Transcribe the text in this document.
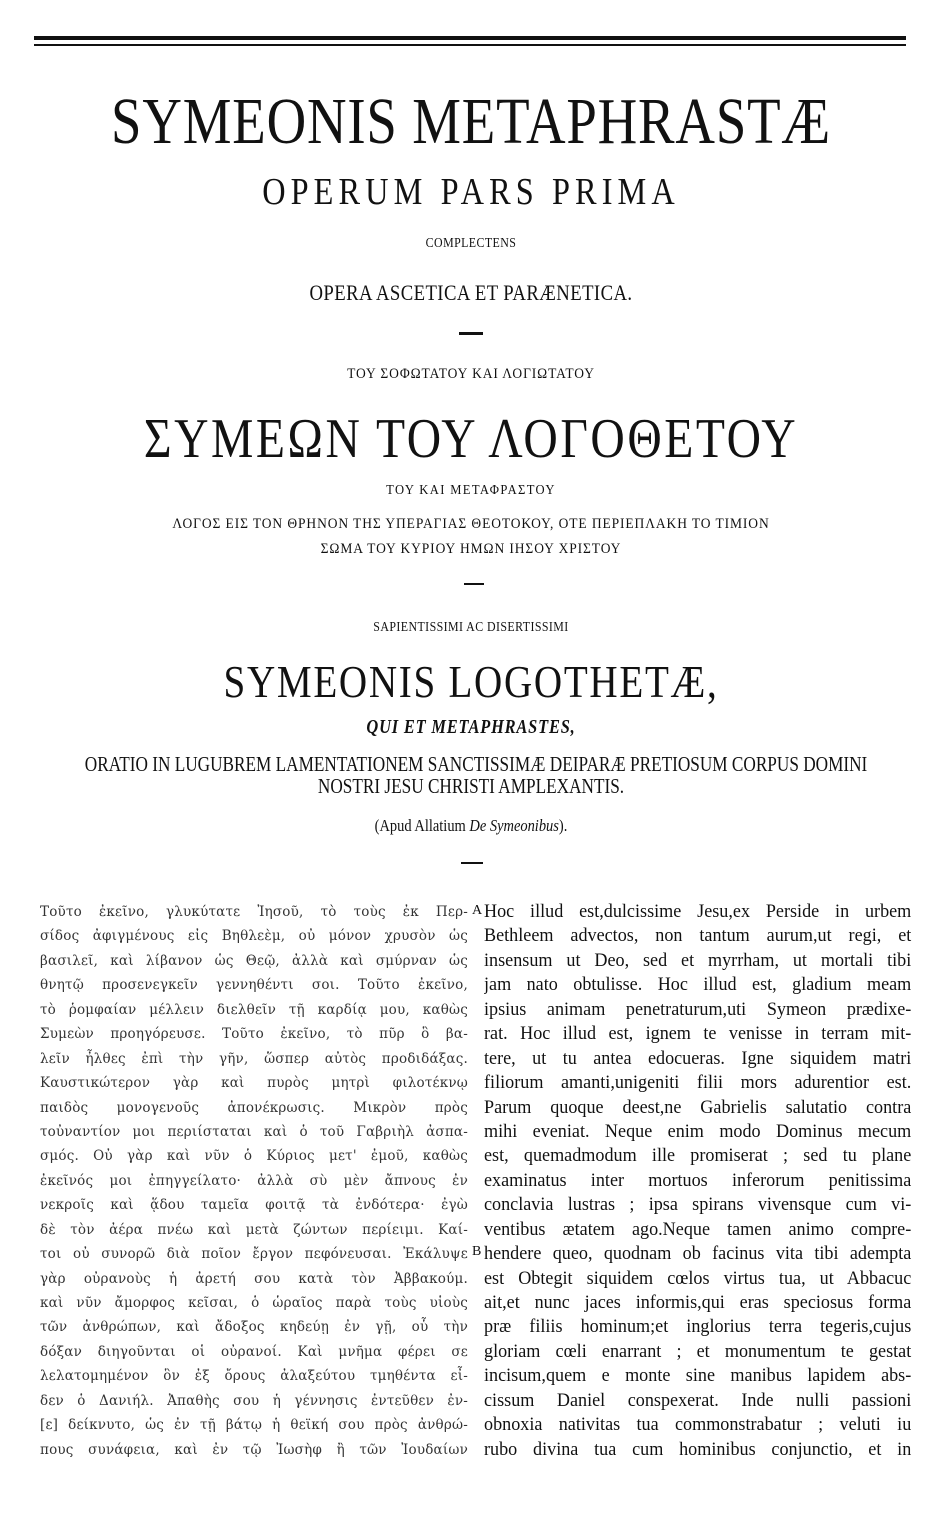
SYMEONIS METAPHRASTÆ
OPERUM PARS PRIMA
COMPLECTENS
OPERA ASCETICA ET PARÆNETICA.
ΤΟΥ ΣΟΦΩΤΑΤΟΥ ΚΑΙ ΛΟΓΙΩΤΑΤΟΥ
ΣΥΜΕΩΝ ΤΟΥ ΛΟΓΟΘΕΤΟΥ
ΤΟΥ ΚΑΙ ΜΕΤΑΦΡΑΣΤΟΥ
ΛΟΓΟΣ ΕΙΣ ΤΟΝ ΘΡΗΝΟΝ ΤΗΣ ΥΠΕΡΑΓΙΑΣ ΘΕΟΤΟΚΟΥ, ΟΤΕ ΠΕΡΙΕΠΛΑΚΗ ΤΟ ΤΙΜΙΟΝ
ΣΩΜΑ ΤΟΥ ΚΥΡΙΟΥ ΗΜΩΝ ΙΗΣΟΥ ΧΡΙΣΤΟΥ
SAPIENTISSIMI AC DISERTISSIMI
SYMEONIS LOGOTHETÆ,
QUI ET METAPHRASTES,
ORATIO IN LUGUBREM LAMENTATIONEM SANCTISSIMÆ DEIPARÆ PRETIOSUM CORPUS DOMINI
NOSTRI JESU CHRISTI AMPLEXANTIS.
(Apud Allatium De Symeonibus).
Τοῦτο ἐκεῖνο, γλυκύτατε Ἰησοῦ, τὸ τοὺς ἐκ Περ-
σίδος ἀφιγμένους εἰς Βηθλεὲμ, οὐ μόνον χρυσὸν ὡς
βασιλεῖ, καὶ λίβανον ὡς Θεῷ, ἀλλὰ καὶ σμύρναν ὡς
θνητῷ προσενεγκεῖν γεννηθέντι σοι. Τοῦτο ἐκεῖνο,
τὸ ῥομφαίαν μέλλειν διελθεῖν τῇ καρδίᾳ μου, καθὼς
Συμεὼν προηγόρευσε. Τοῦτο ἐκεῖνο, τὸ πῦρ ὃ βα-
λεῖν ἦλθες ἐπὶ τὴν γῆν, ὥσπερ αὐτὸς προδιδάξας.
Καυστικώτερον γὰρ καὶ πυρὸς μητρὶ φιλοτέκνῳ
παιδὸς μονογενοῦς ἀπονέκρωσις. Μικρὸν πρὸς
τοὐναντίον μοι περιίσταται καὶ ὁ τοῦ Γαβριὴλ ἀσπα-
σμός. Οὐ γὰρ καὶ νῦν ὁ Κύριος μετ' ἐμοῦ, καθὼς
ἐκεῖνός μοι ἐπηγγείλατο· ἀλλὰ σὺ μὲν ἄπνους ἐν
νεκροῖς καὶ ᾅδου ταμεῖα φοιτᾷ τὰ ἐνδότερα· ἐγὼ
δὲ τὸν ἀέρα πνέω καὶ μετὰ ζώντων περίειμι. Καί-
τοι οὐ συνορῶ διὰ ποῖον ἔργον πεφόνευσαι. Ἐκάλυψε
γὰρ οὐρανοὺς ἡ ἀρετή σου κατὰ τὸν Ἀββακούμ.
καὶ νῦν ἄμορφος κεῖσαι, ὁ ὡραῖος παρὰ τοὺς υἱοὺς
τῶν ἀνθρώπων, καὶ ἄδοξος κηδεύῃ ἐν γῇ, οὗ τὴν
δόξαν διηγοῦνται οἱ οὐρανοί. Καὶ μνῆμα φέρει σε
λελατομημένον ὃν ἐξ ὄρους ἀλαξεύτου τμηθέντα εἶ-
δεν ὁ Δανιήλ. Ἀπαθὴς σου ἡ γέννησις ἐντεῦθεν ἐν-
[ε] δείκνυτο, ὡς ἐν τῇ βάτῳ ἡ θεϊκή σου πρὸς ἀνθρώ-
πους συνάφεια, καὶ ἐν τῷ Ἰωσὴφ ἢ τῶν Ἰουδαίων
Hoc illud est,dulcissime Jesu,ex Perside in urbem
Bethleem advectos, non tantum aurum,ut regi, et
insensum ut Deo, sed et myrrham, ut mortali tibi
jam nato obtulisse. Hoc illud est, gladium meam
ipsius animam penetraturum,uti Symeon prædixe-
rat. Hoc illud est, ignem te venisse in terram mit-
tere, ut tu antea edocueras. Igne siquidem matri
filiorum amanti,unigeniti filii mors adurentior est.
Parum quoque deest,ne Gabrielis salutatio contra
mihi eveniat. Neque enim modo Dominus mecum
est, quemadmodum ille promiserat ; sed tu plane
examinatus inter mortuos inferorum penitissima
conclavia lustras ; ipsa spirans vivensque cum vi-
ventibus ætatem ago.Neque tamen animo compre-
hendere queo, quodnam ob facinus vita tibi adempta
est Obtegit siquidem cœlos virtus tua, ut Abbacuc
ait,et nunc jaces informis,qui eras speciosus forma
præ filiis hominum;et inglorius terra tegeris,cujus
gloriam cœli enarrant ; et monumentum te gestat
incisum,quem e monte sine manibus lapidem abs-
cissum Daniel conspexerat. Inde nulli passioni
obnoxia nativitas tua commonstrabatur ; veluti iu
rubo divina tua cum hominibus conjunctio, et in
A
B
